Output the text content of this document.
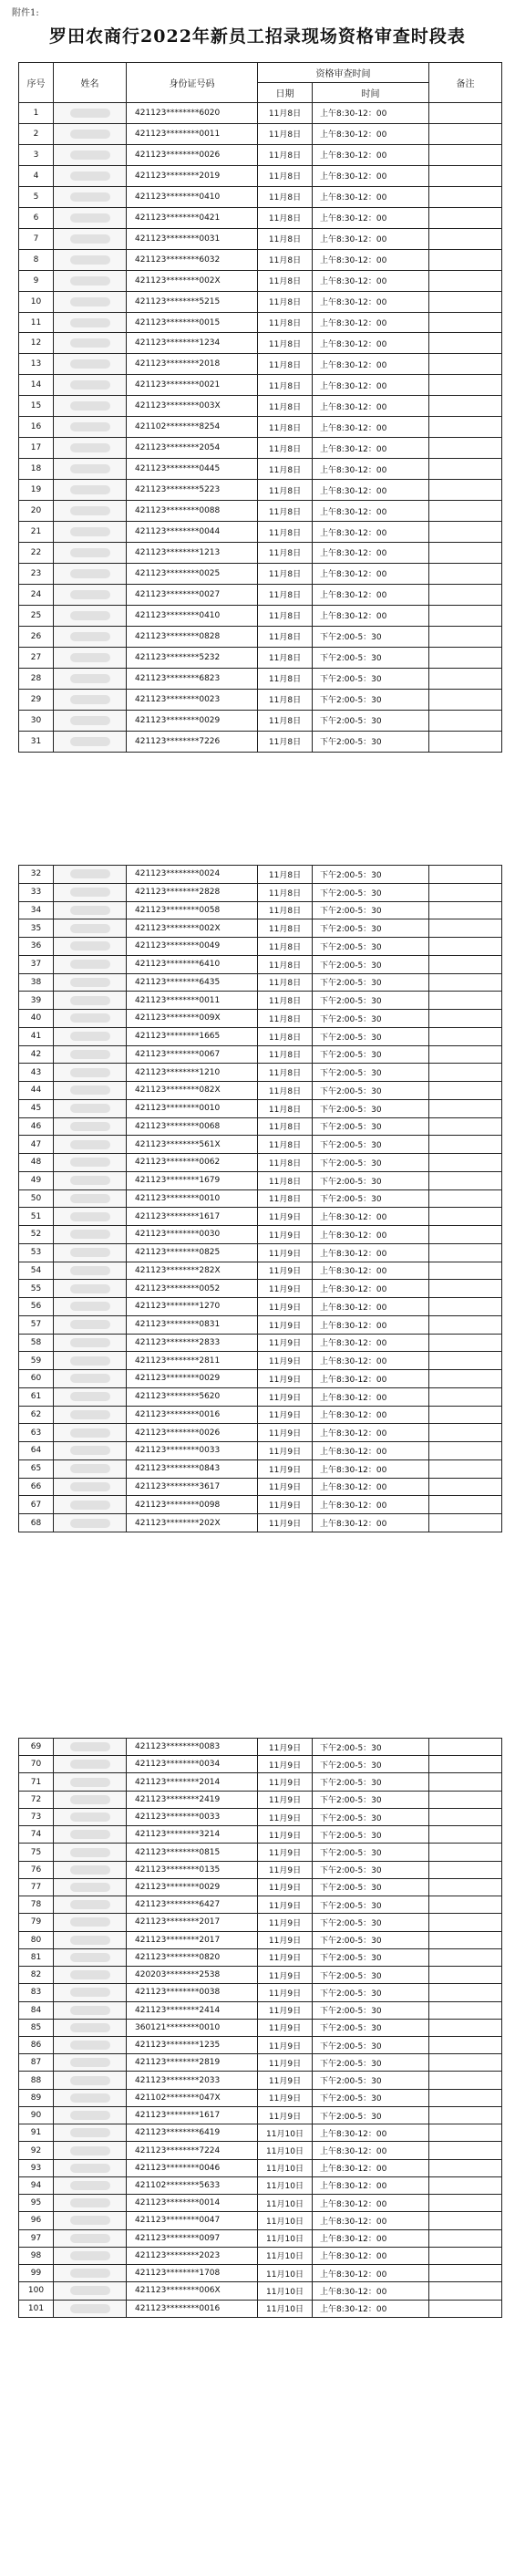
附件1:
罗田农商行2022年新员工招录现场资格审查时段表
序号	姓名	身份证号码	资格审查时间		备注
			日期	时间	
1		421123********6020	11月8日	上午8:30-12：00	
2		421123********0011	11月8日	上午8:30-12：00	
3		421123********0026	11月8日	上午8:30-12：00	
4		421123********2019	11月8日	上午8:30-12：00	
5		421123********0410	11月8日	上午8:30-12：00	
6		421123********0421	11月8日	上午8:30-12：00	
7		421123********0031	11月8日	上午8:30-12：00	
8		421123********6032	11月8日	上午8:30-12：00	
9		421123********002X	11月8日	上午8:30-12：00	
10		421123********5215	11月8日	上午8:30-12：00	
11		421123********0015	11月8日	上午8:30-12：00	
12		421123********1234	11月8日	上午8:30-12：00	
13		421123********2018	11月8日	上午8:30-12：00	
14		421123********0021	11月8日	上午8:30-12：00	
15		421123********003X	11月8日	上午8:30-12：00	
16		421102********8254	11月8日	上午8:30-12：00	
17		421123********2054	11月8日	上午8:30-12：00	
18		421123********0445	11月8日	上午8:30-12：00	
19		421123********5223	11月8日	上午8:30-12：00	
20		421123********0088	11月8日	上午8:30-12：00	
21		421123********0044	11月8日	上午8:30-12：00	
22		421123********1213	11月8日	上午8:30-12：00	
23		421123********0025	11月8日	上午8:30-12：00	
24		421123********0027	11月8日	上午8:30-12：00	
25		421123********0410	11月8日	上午8:30-12：00	
26		421123********0828	11月8日	下午2:00-5：30	
27		421123********5232	11月8日	下午2:00-5：30	
28		421123********6823	11月8日	下午2:00-5：30	
29		421123********0023	11月8日	下午2:00-5：30	
30		421123********0029	11月8日	下午2:00-5：30	
31		421123********7226	11月8日	下午2:00-5：30	
32		421123********0024	11月8日	下午2:00-5：30	
33		421123********2828	11月8日	下午2:00-5：30	
34		421123********0058	11月8日	下午2:00-5：30	
35		421123********002X	11月8日	下午2:00-5：30	
36		421123********0049	11月8日	下午2:00-5：30	
37		421123********6410	11月8日	下午2:00-5：30	
38		421123********6435	11月8日	下午2:00-5：30	
39		421123********0011	11月8日	下午2:00-5：30	
40		421123********009X	11月8日	下午2:00-5：30	
41		421123********1665	11月8日	下午2:00-5：30	
42		421123********0067	11月8日	下午2:00-5：30	
43		421123********1210	11月8日	下午2:00-5：30	
44		421123********082X	11月8日	下午2:00-5：30	
45		421123********0010	11月8日	下午2:00-5：30	
46		421123********0068	11月8日	下午2:00-5：30	
47		421123********561X	11月8日	下午2:00-5：30	
48		421123********0062	11月8日	下午2:00-5：30	
49		421123********1679	11月8日	下午2:00-5：30	
50		421123********0010	11月8日	下午2:00-5：30	
51		421123********1617	11月9日	上午8:30-12：00	
52		421123********0030	11月9日	上午8:30-12：00	
53		421123********0825	11月9日	上午8:30-12：00	
54		421123********282X	11月9日	上午8:30-12：00	
55		421123********0052	11月9日	上午8:30-12：00	
56		421123********1270	11月9日	上午8:30-12：00	
57		421123********0831	11月9日	上午8:30-12：00	
58		421123********2833	11月9日	上午8:30-12：00	
59		421123********2811	11月9日	上午8:30-12：00	
60		421123********0029	11月9日	上午8:30-12：00	
61		421123********5620	11月9日	上午8:30-12：00	
62		421123********0016	11月9日	上午8:30-12：00	
63		421123********0026	11月9日	上午8:30-12：00	
64		421123********0033	11月9日	上午8:30-12：00	
65		421123********0843	11月9日	上午8:30-12：00	
66		421123********3617	11月9日	上午8:30-12：00	
67		421123********0098	11月9日	上午8:30-12：00	
68		421123********202X	11月9日	上午8:30-12：00	
69		421123********0083	11月9日	下午2:00-5：30	
70		421123********0034	11月9日	下午2:00-5：30	
71		421123********2014	11月9日	下午2:00-5：30	
72		421123********2419	11月9日	下午2:00-5：30	
73		421123********0033	11月9日	下午2:00-5：30	
74		421123********3214	11月9日	下午2:00-5：30	
75		421123********0815	11月9日	下午2:00-5：30	
76		421123********0135	11月9日	下午2:00-5：30	
77		421123********0029	11月9日	下午2:00-5：30	
78		421123********6427	11月9日	下午2:00-5：30	
79		421123********2017	11月9日	下午2:00-5：30	
80		421123********2017	11月9日	下午2:00-5：30	
81		421123********0820	11月9日	下午2:00-5：30	
82		420203********2538	11月9日	下午2:00-5：30	
83		421123********0038	11月9日	下午2:00-5：30	
84		421123********2414	11月9日	下午2:00-5：30	
85		360121********0010	11月9日	下午2:00-5：30	
86		421123********1235	11月9日	下午2:00-5：30	
87		421123********2819	11月9日	下午2:00-5：30	
88		421123********2033	11月9日	下午2:00-5：30	
89		421102********047X	11月9日	下午2:00-5：30	
90		421123********1617	11月9日	下午2:00-5：30	
91		421123********6419	11月10日	上午8:30-12：00	
92		421123********7224	11月10日	上午8:30-12：00	
93		421123********0046	11月10日	上午8:30-12：00	
94		421102********5633	11月10日	上午8:30-12：00	
95		421123********0014	11月10日	上午8:30-12：00	
96		421123********0047	11月10日	上午8:30-12：00	
97		421123********0097	11月10日	上午8:30-12：00	
98		421123********2023	11月10日	上午8:30-12：00	
99		421123********1708	11月10日	上午8:30-12：00	
100		421123********006X	11月10日	上午8:30-12：00	
101		421123********0016	11月10日	上午8:30-12：00	
